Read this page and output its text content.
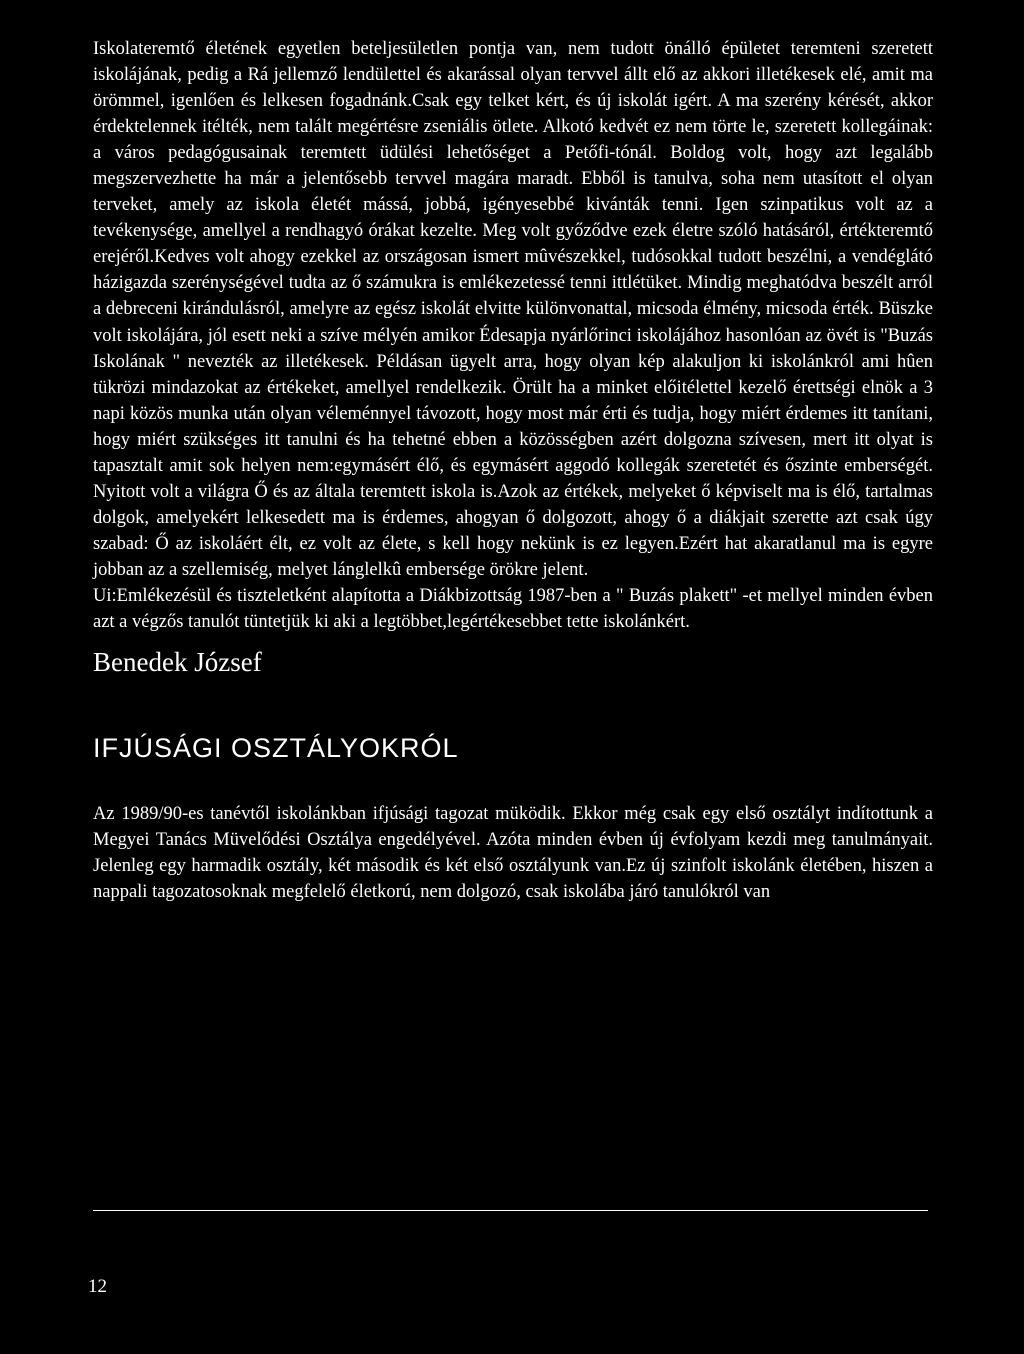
Iskolateremtő életének egyetlen beteljesületlen pontja van, nem tudott önálló épületet teremteni szeretett iskolájának, pedig a Rá jellemző lendülettel és akarással olyan tervvel állt elő az akkori illetékesek elé, amit ma örömmel, igenlően és lelkesen fogadnánk.Csak egy telket kért, és új iskolát igért. A ma szerény kérését, akkor érdektelennek itélték, nem talált megértésre zseniális ötlete. Alkotó kedvét ez nem törte le, szeretett kollegáinak: a város pedagógusainak teremtett üdülési lehetőséget a Petőfi-tónál. Boldog volt, hogy azt legalább megszervezhette ha már a jelentősebb tervvel magára maradt. Ebből is tanulva, soha nem utasított el olyan terveket, amely az iskola életét mássá, jobbá, igényesebbé kivánták tenni. Igen szinpatikus volt az a tevékenysége, amellyel a rendhagyó órákat kezelte. Meg volt győződve ezek életre szóló hatásáról, értékteremtő erejéről.Kedves volt ahogy ezekkel az országosan ismert mûvészekkel, tudósokkal tudott beszélni, a vendéglátó házigazda szerénységével tudta az ő számukra is emlékezetessé tenni ittlétüket. Mindig meghatódva beszélt arról a debreceni kirándulásról, amelyre az egész iskolát elvitte különvonattal, micsoda élmény, micsoda érték. Büszke volt iskolájára, jól esett neki a szíve mélyén amikor Édesapja nyárlőrinci iskolájához hasonlóan az övét is "Buzás Iskolának " nevezték az illetékesek. Példásan ügyelt arra, hogy olyan kép alakuljon ki iskolánkról ami hûen tükrözi mindazokat az értékeket, amellyel rendelkezik. Örült ha a minket előitélettel kezelő érettségi elnök a 3 napi közös munka után olyan véleménnyel távozott, hogy most már érti és tudja, hogy miért érdemes itt tanítani, hogy miért szükséges itt tanulni és ha tehetné ebben a közösségben azért dolgozna szívesen, mert itt olyat is tapasztalt amit sok helyen nem:egymásért élő, és egymásért aggodó kollegák szeretetét és őszinte emberségét. Nyitott volt a világra Ő és az általa teremtett iskola is.Azok az értékek, melyeket ő képviselt ma is élő, tartalmas dolgok, amelyekért lelkesedett ma is érdemes, ahogyan ő dolgozott, ahogy ő a diákjait szerette azt csak úgy szabad: Ő az iskoláért élt, ez volt az élete, s kell hogy nekünk is ez legyen.Ezért hat akaratlanul ma is egyre jobban az a szellemiség, melyet lánglelkû embersége örökre jelent.

Ui:Emlékezésül és tiszteletként alapította a Diákbizottság 1987-ben a " Buzás plakett" -et mellyel minden évben azt a végzős tanulót tüntetjük ki aki a legtöbbet,legértékesebbet tette iskolánkért.

Benedek József

IFJÚSÁGI OSZTÁLYOKRÓL

Az 1989/90-es tanévtől iskolánkban ifjúsági tagozat müködik. Ekkor még csak egy első osztályt indítottunk a Megyei Tanács Müvelődési Osztálya engedélyével. Azóta minden évben új évfolyam kezdi meg tanulmányait. Jelenleg egy harmadik osztály, két második és két első osztályunk van.Ez új szinfolt iskolánk életében, hiszen a nappali tagozatosoknak megfelelő életkorú, nem dolgozó, csak iskolába járó tanulókról van

12
